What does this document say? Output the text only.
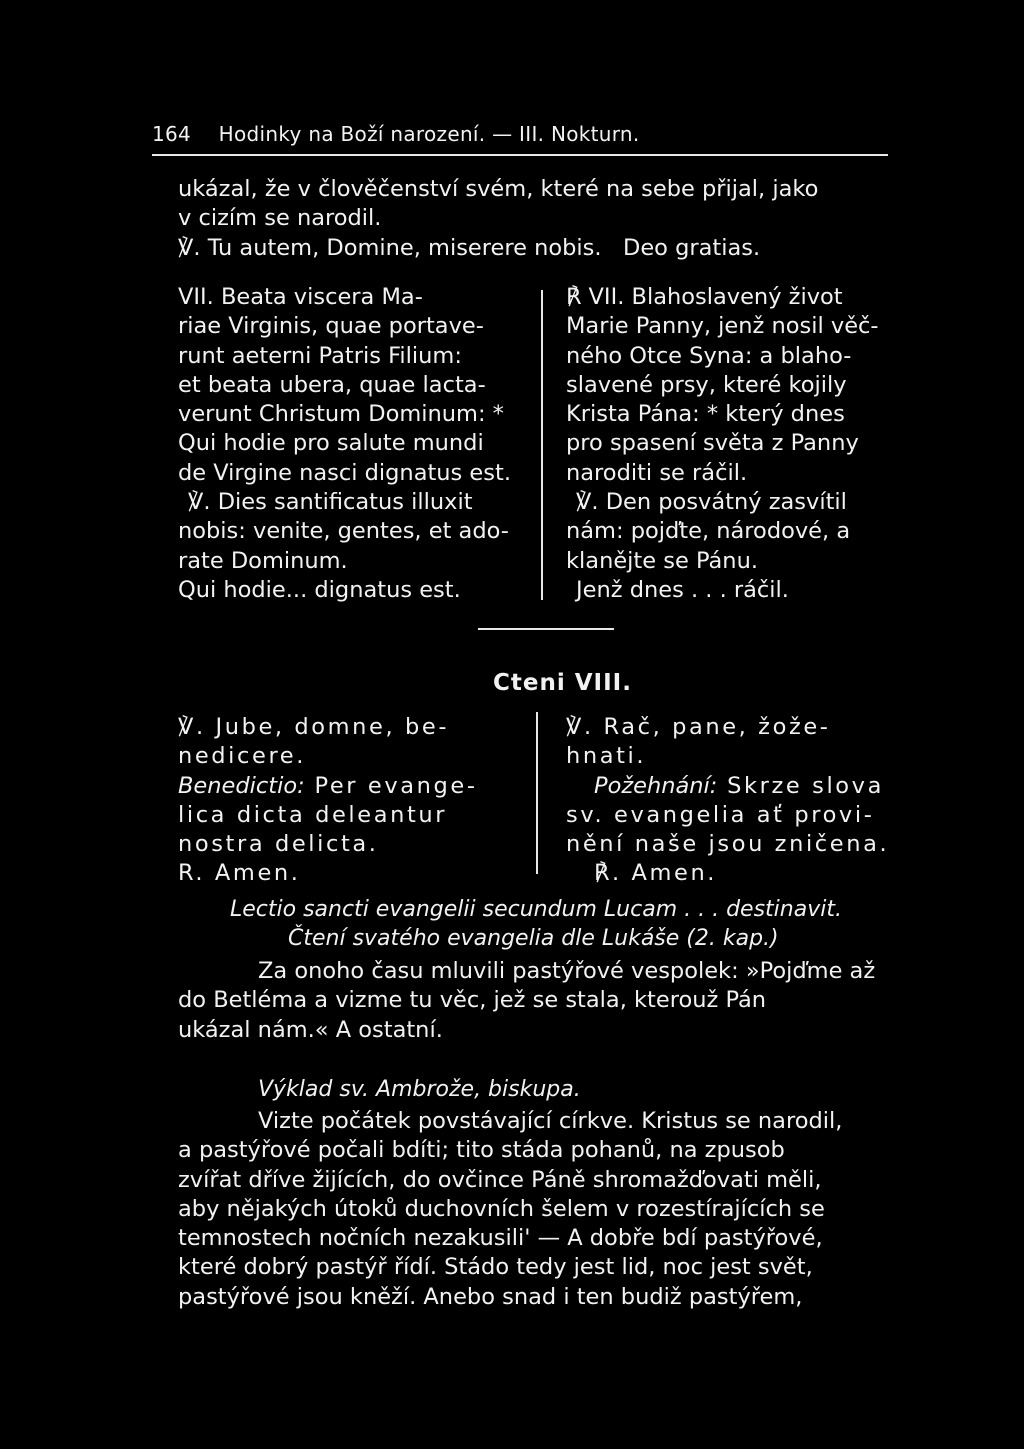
164 Hodinky na Boží narození. — III. Nokturn.
ukázal, že v člověčenství svém, které na sebe přijal, jako
v cizím se narodil.
℣. Tu autem, Domine, miserere nobis.   Deo gratias.
VII. Beata viscera Ma-
riae Virginis, quae portave-
runt aeterni Patris Filium:
et beata ubera, quae lacta-
verunt Christum Dominum: *
Qui hodie pro salute mundi
de Virgine nasci dignatus est.
℣. Dies santificatus illuxit
nobis: venite, gentes, et ado-
rate Dominum.
Qui hodie... dignatus est.
℟ VII. Blahoslavený život
Marie Panny, jenž nosil věč-
ného Otce Syna: a blaho-
slavené prsy, které kojily
Krista Pána: * který dnes
pro spasení světa z Panny
naroditi se ráčil.
℣. Den posvátný zasvítil
nám: pojďte, národové, a
klanějte se Pánu.
Jenž dnes . . . ráčil.
Cteni VIII.
℣. Jube, domne, be-
nedicere.
Benedictio:
Per evange-
lica dicta deleantur
nostra delicta.
R. Amen.
℣. Rač, pane, žože-
hnati.
Požehnání:
Skrze slova
sv. evangelia ať provi-
nění naše jsou zničena.
℟. Amen.
Lectio sancti evangelii secundum Lucam . . . destinavit.
Čtení svatého evangelia dle Lukáše (2. kap.)
Za onoho času mluvili pastýřové vespolek: »Pojďme až
do Betléma a vizme tu věc, jež se stala, kterouž Pán
ukázal nám.« A ostatní.
Výklad sv. Ambrože, biskupa.
Vizte počátek povstávající církve. Kristus se narodil,
a pastýřové počali bdíti; tito stáda pohanů, na zpusob
zvířat dříve žijících, do ovčince Páně shromažďovati měli,
aby nějakých útoků duchovních šelem v rozestírajících se
temnostech nočních nezakusili' — A dobře bdí pastýřové,
které dobrý pastýř řídí. Stádo tedy jest lid, noc jest svět,
pastýřové jsou kněží. Anebo snad i ten budiž pastýřem,
